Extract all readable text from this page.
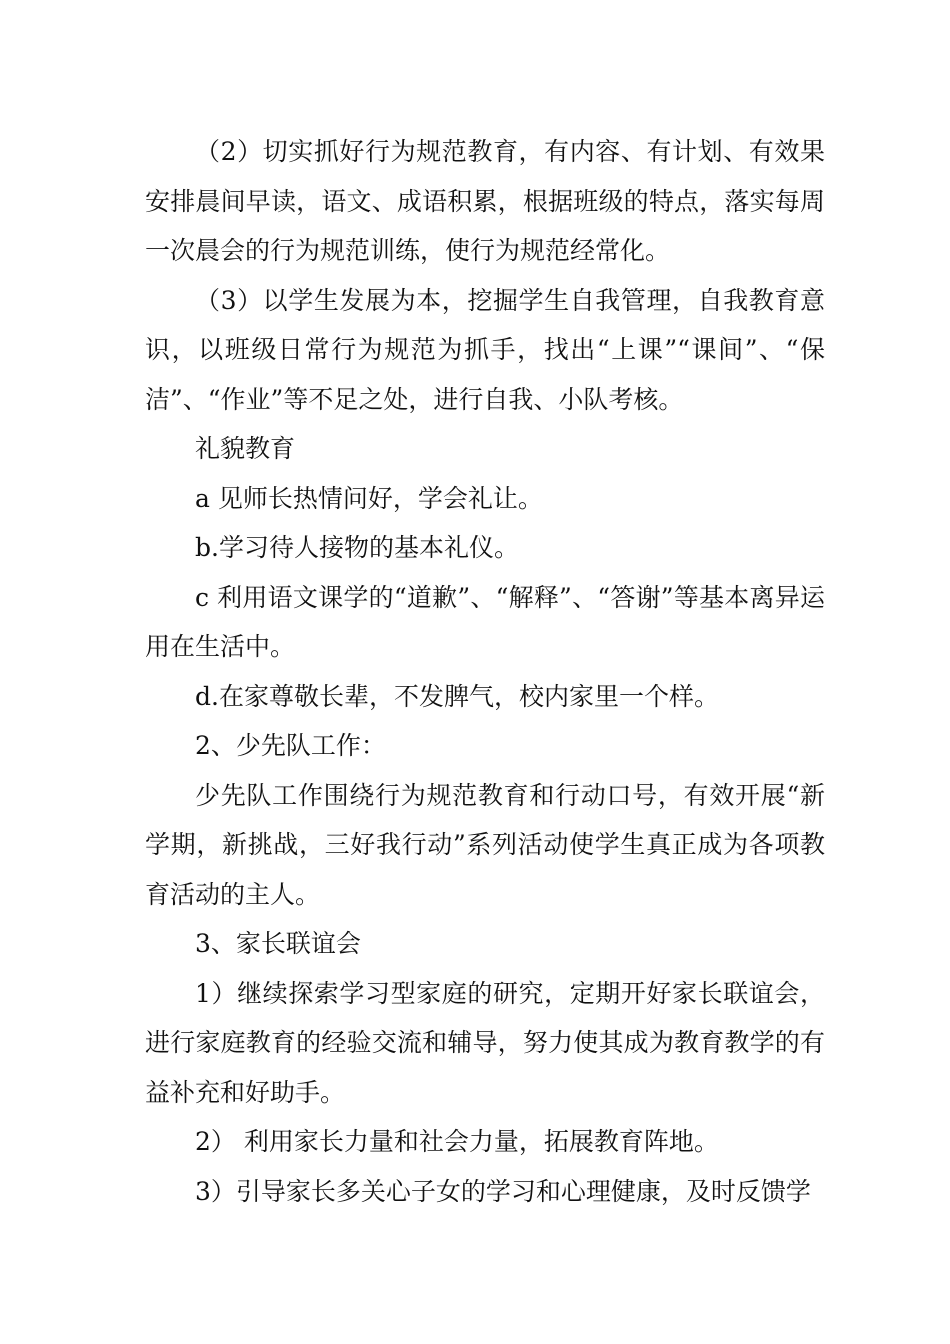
（2）切实抓好行为规范教育，有内容、有计划、有效果安排晨间早读，语文、成语积累，根据班级的特点，落实每周一次晨会的行为规范训练，使行为规范经常化。

（3）以学生发展为本，挖掘学生自我管理，自我教育意识，以班级日常行为规范为抓手，找出“上课”“课间”、“保洁”、“作业”等不足之处，进行自我、小队考核。

礼貌教育

a 见师长热情问好，学会礼让。

b.学习待人接物的基本礼仪。

c 利用语文课学的“道歉”、“解释”、“答谢”等基本离异运用在生活中。

d.在家尊敬长辈，不发脾气，校内家里一个样。

2、少先队工作：

少先队工作围绕行为规范教育和行动口号，有效开展“新学期，新挑战，三好我行动”系列活动使学生真正成为各项教育活动的主人。

3、家长联谊会

1）继续探索学习型家庭的研究，定期开好家长联谊会，进行家庭教育的经验交流和辅导，努力使其成为教育教学的有益补充和好助手。

2） 利用家长力量和社会力量，拓展教育阵地。

3）引导家长多关心子女的学习和心理健康，及时反馈学
